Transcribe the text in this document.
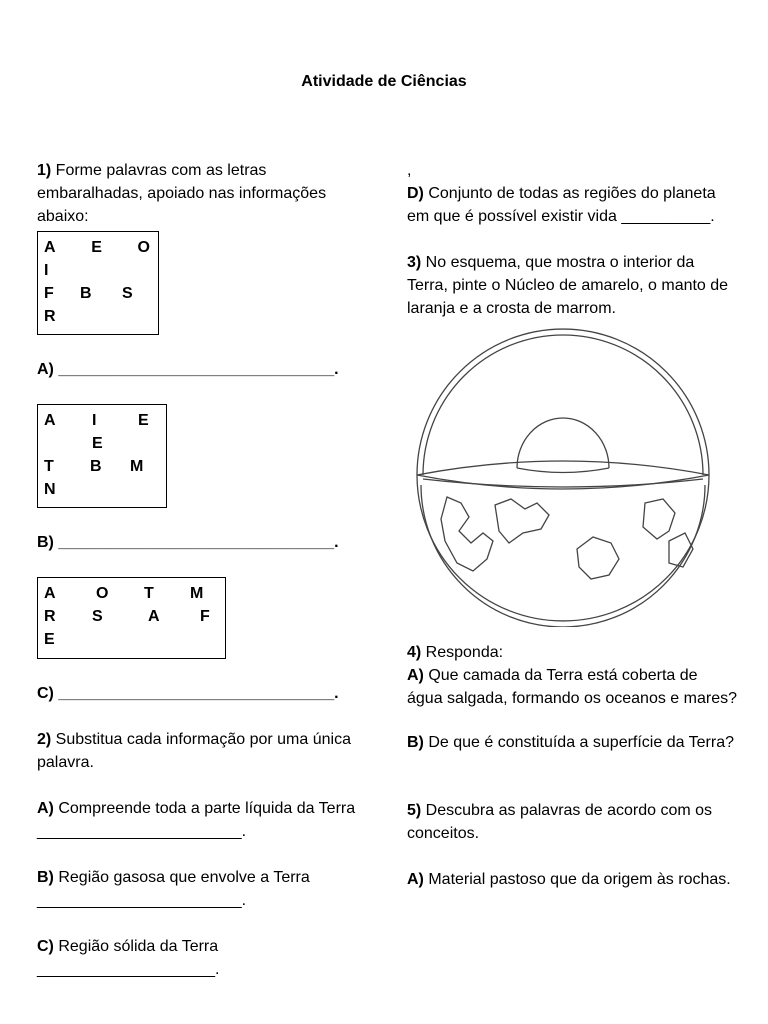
Atividade de Ciências

1) Forme palavras com as letras embaralhadas, apoiado nas informações abaixo:

A E O
I
F	B	S
R

A) _______________________________.

A	I	E
E
T	B	M
N

B) _______________________________.

A	O	T	M
R	S	A	F
E

C) _______________________________.

2) Substitua cada informação por uma única palavra.

A) Compreende toda a parte líquida da Terra _______________________.

B) Região gasosa que envolve a Terra _______________________.

C) Região sólida da Terra ____________________.

,

D) Conjunto de todas as regiões do planeta em que é possível existir vida __________.

3) No esquema, que mostra o interior da Terra, pinte o Núcleo de amarelo, o manto de laranja e a crosta de marrom.

4) Responda:

A) Que camada da Terra está coberta de água salgada, formando os oceanos e mares?

B) De que é constituída a superfície da Terra?

5) Descubra as palavras de acordo com os conceitos.

A) Material pastoso que da origem às rochas.
